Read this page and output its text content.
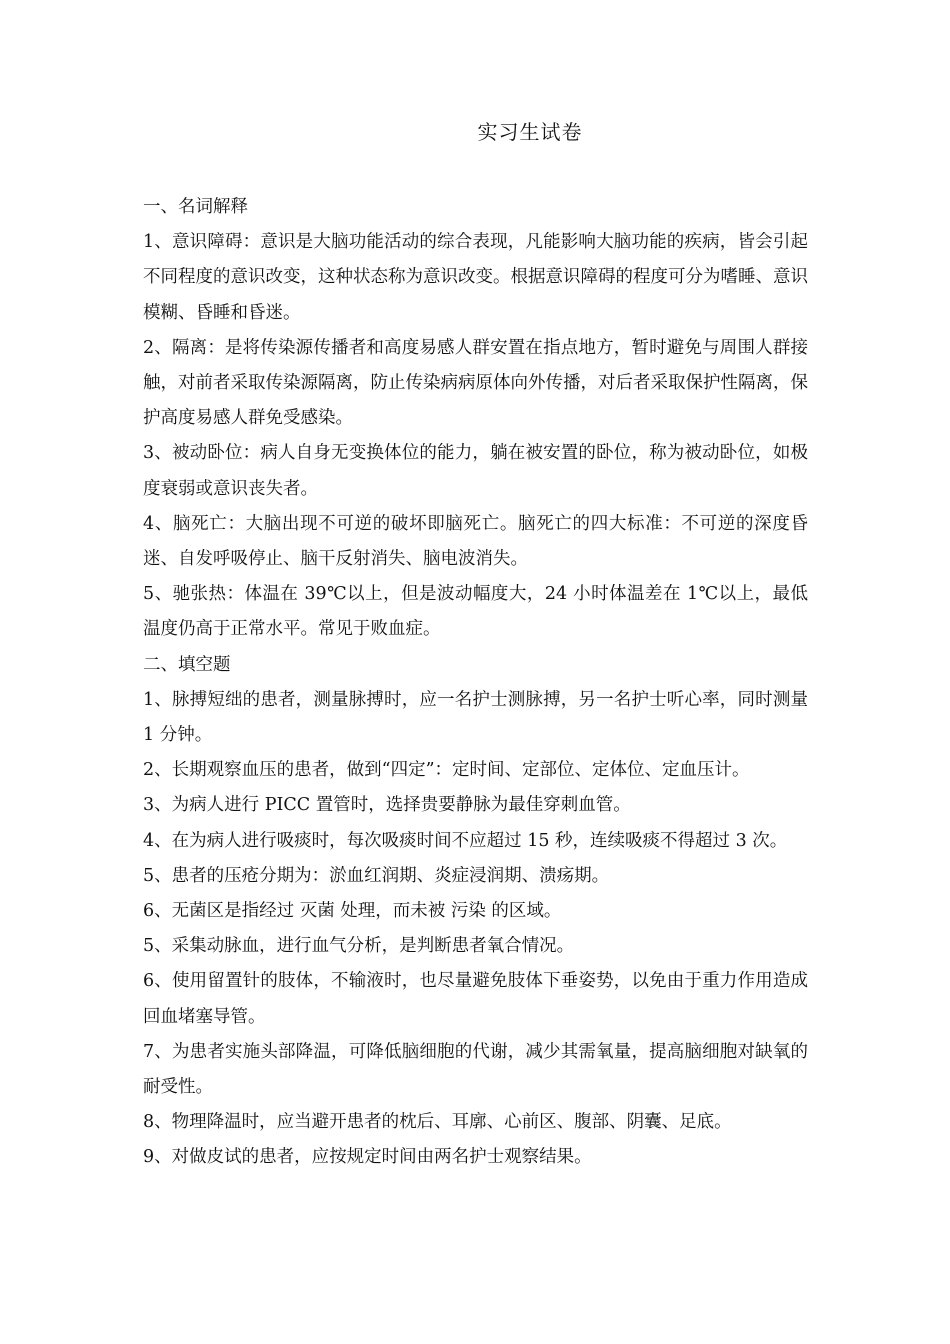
实习生试卷

一、名词解释

1、意识障碍：意识是大脑功能活动的综合表现，凡能影响大脑功能的疾病，皆会引起不同程度的意识改变，这种状态称为意识改变。根据意识障碍的程度可分为嗜睡、意识模糊、昏睡和昏迷。

2、隔离：是将传染源传播者和高度易感人群安置在指点地方，暂时避免与周围人群接触，对前者采取传染源隔离，防止传染病病原体向外传播，对后者采取保护性隔离，保护高度易感人群免受感染。

3、被动卧位：病人自身无变换体位的能力，躺在被安置的卧位，称为被动卧位，如极度衰弱或意识丧失者。

4、脑死亡：大脑出现不可逆的破坏即脑死亡。脑死亡的四大标准：不可逆的深度昏迷、自发呼吸停止、脑干反射消失、脑电波消失。

5、驰张热：体温在 39℃以上，但是波动幅度大，24 小时体温差在 1℃以上，最低温度仍高于正常水平。常见于败血症。

二、填空题

1、脉搏短绌的患者，测量脉搏时，应一名护士测脉搏，另一名护士听心率，同时测量 1 分钟。

2、长期观察血压的患者，做到“四定”：定时间、定部位、定体位、定血压计。

3、为病人进行 PICC 置管时，选择贵要静脉为最佳穿刺血管。

4、在为病人进行吸痰时，每次吸痰时间不应超过 15 秒，连续吸痰不得超过 3 次。

5、患者的压疮分期为：淤血红润期、炎症浸润期、溃疡期。

6、无菌区是指经过 灭菌 处理，而未被 污染 的区域。

5、采集动脉血，进行血气分析，是判断患者氧合情况。

6、使用留置针的肢体，不输液时，也尽量避免肢体下垂姿势，以免由于重力作用造成回血堵塞导管。

7、为患者实施头部降温，可降低脑细胞的代谢，减少其需氧量，提高脑细胞对缺氧的耐受性。

8、物理降温时，应当避开患者的枕后、耳廓、心前区、腹部、阴囊、足底。

9、对做皮试的患者，应按规定时间由两名护士观察结果。
